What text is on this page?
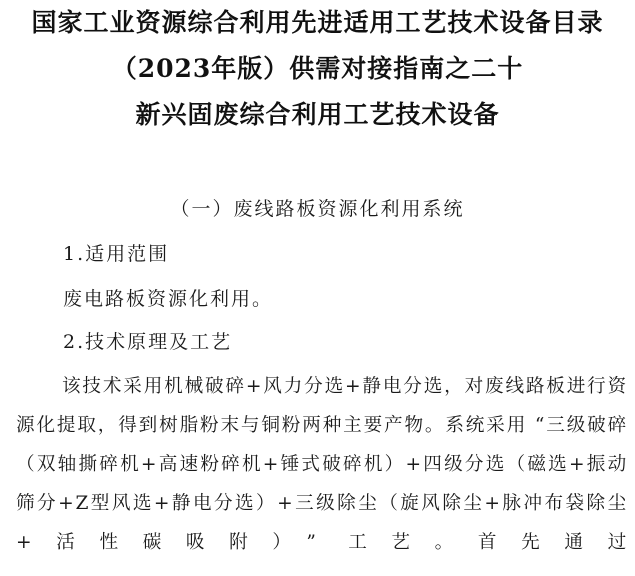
国家工业资源综合利用先进适用工艺技术设备目录
（2023年版）供需对接指南之二十
新兴固废综合利用工艺技术设备
（一）废线路板资源化利用系统
1.适用范围
废电路板资源化利用。
2.技术原理及工艺

该技术采用机械破碎+风力分选+静电分选，对废线路板进行资源化提取，得到树脂粉末与铜粉两种主要产物。系统采用 “三级破碎（双轴撕碎机+高速粉碎机+锤式破碎机）+四级分选（磁选+振动筛分+Z型风选+静电分选）+三级除尘（旋风除尘+脉冲布袋除尘+活性碳吸附）” 工艺。首先通过
